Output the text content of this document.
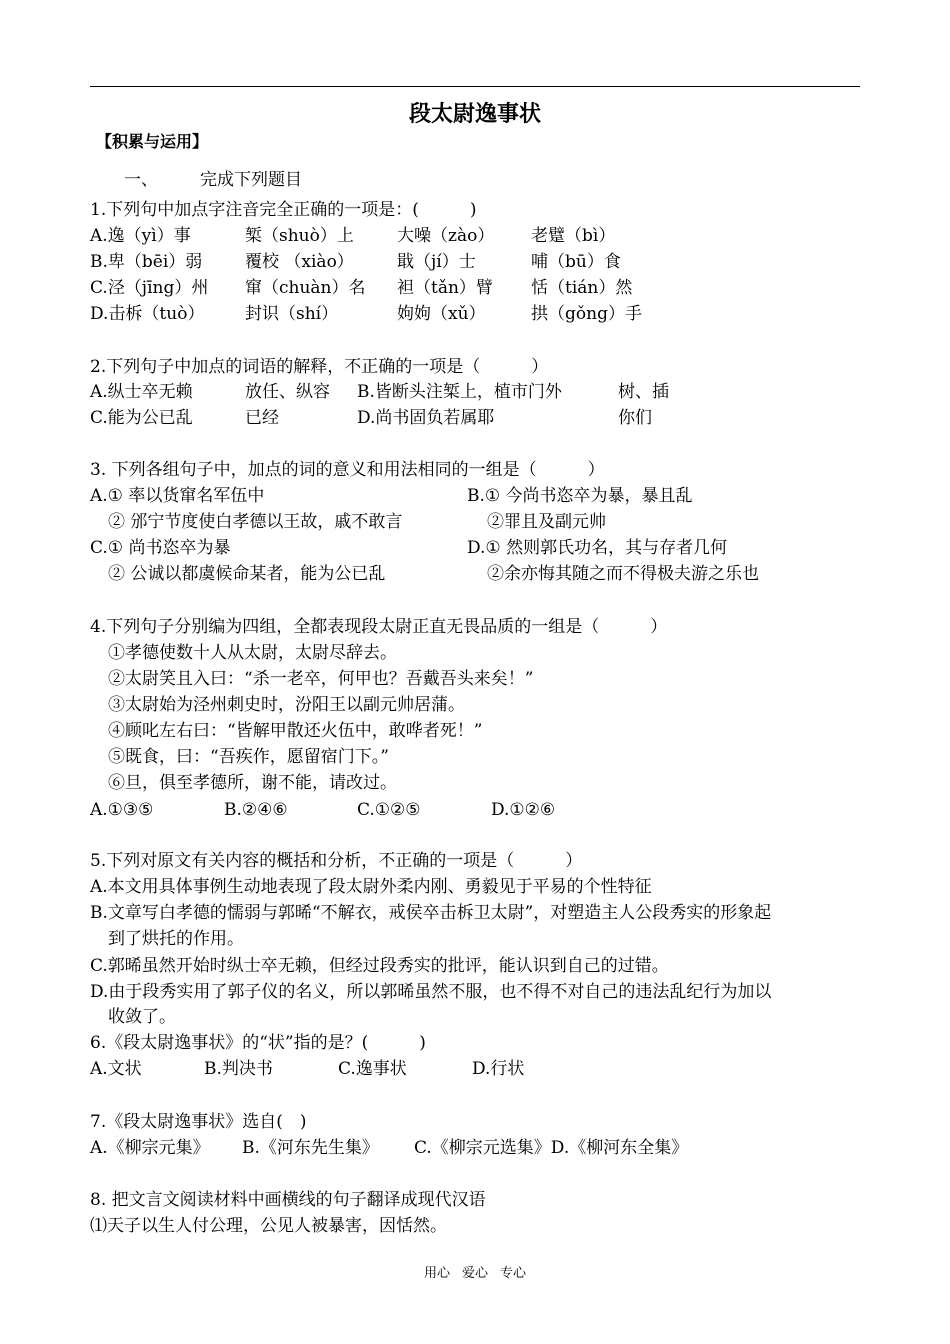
段太尉逸事状
【积累与运用】
一、 完成下列题目
1.下列句中加点字注音完全正确的一项是：(　　　)
A.逸（yì）事	椠（shuò）上	大噪（zào） 老躄（bì）
B.卑（bēi）弱	覆校 （xiào）	戢（jí）士	哺（bū）食
C.泾（jīng）州 窜（chuàn）名 袒（tǎn）臂 恬（tián）然
D.击柝（tuò） 封识（shí）	姁姁（xǔ）	拱（gǒng）手
2.下列句子中加点的词语的解释，不正确的一项是（　　　）
A.纵士卒无赖	放任、纵容 B.皆断头注椠上，植市门外	树、插
C.能为公已乱	已经	D.尚书固负若属耶	你们
3. 下列各组句子中，加点的词的意义和用法相同的一组是（　　　）
A.① 率以货窜名军伍中
② 邠宁节度使白孝德以王故，戚不敢言
B.① 今尚书恣卒为暴，暴且乱
②罪且及副元帅
C.① 尚书恣卒为暴
② 公诚以都虞候命某者，能为公已乱
D.① 然则郭氏功名，其与存者几何
②余亦悔其随之而不得极夫游之乐也
4.下列句子分别编为四组，全都表现段太尉正直无畏品质的一组是（　　　）
①孝德使数十人从太尉，太尉尽辞去。
②太尉笑且入曰：“杀一老卒，何甲也？吾戴吾头来矣！”
③太尉始为泾州刺史时，汾阳王以副元帅居蒲。
④顾叱左右曰：“皆解甲散还火伍中，敢哗者死！”
⑤既食，曰：“吾疾作，愿留宿门下。”
⑥旦，俱至孝德所，谢不能，请改过。
A.①③⑤	B.②④⑥	C.①②⑤	D.①②⑥
5.下列对原文有关内容的概括和分析，不正确的一项是（　　　）
A.本文用具体事例生动地表现了段太尉外柔内刚、勇毅见于平易的个性特征
B.文章写白孝德的懦弱与郭晞“不解衣，戒侯卒击柝卫太尉”，对塑造主人公段秀实的形象起
到了烘托的作用。
C.郭晞虽然开始时纵士卒无赖，但经过段秀实的批评，能认识到自己的过错。
D.由于段秀实用了郭子仪的名义，所以郭晞虽然不服，也不得不对自己的违法乱纪行为加以
收敛了。
6.《段太尉逸事状》的“状”指的是？(　　　)
A.文状	B.判决书	C.逸事状	D.行状
7.《段太尉逸事状》选自(　)
A.《柳宗元集》 B.《河东先生集》 C.《柳宗元选集》D.《柳河东全集》
8. 把文言文阅读材料中画横线的句子翻译成现代汉语
⑴天子以生人付公理，公见人被暴害，因恬然。
用心 爱心 专心
